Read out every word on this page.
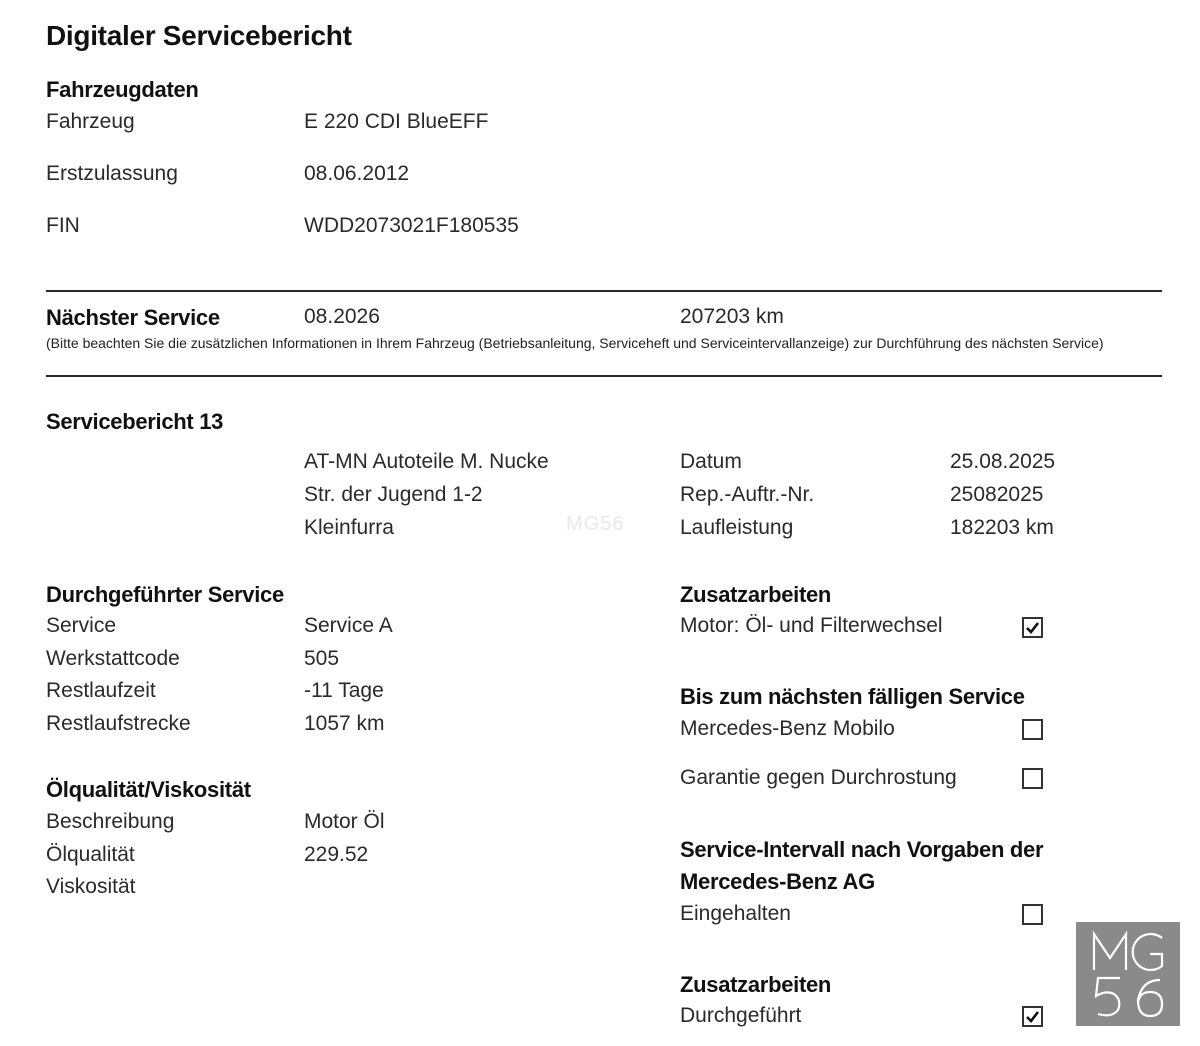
Digitaler Servicebericht
Fahrzeugdaten
Fahrzeug	E 220 CDI BlueEFF
Erstzulassung	08.06.2012
FIN	WDD2073021F180535
Nächster Service	08.2026	207203 km
(Bitte beachten Sie die zusätzlichen Informationen in Ihrem Fahrzeug (Betriebsanleitung, Serviceheft und Serviceintervallanzeige) zur Durchführung des nächsten Service)
Servicebericht 13
AT-MN Autoteile M. Nucke
Str. der Jugend 1-2
Kleinfurra	MG56
Datum	25.08.2025
Rep.-Auftr.-Nr.	25082025
Laufleistung	182203 km
Durchgeführter Service
Service	Service A
Werkstattcode	505
Restlaufzeit	-11 Tage
Restlaufstrecke	1057 km
Ölqualität/Viskosität
Beschreibung	Motor Öl
Ölqualität	229.52
Viskosität
Zusatzarbeiten
Motor: Öl- und Filterwechsel
Bis zum nächsten fälligen Service
Mercedes-Benz Mobilo
Garantie gegen Durchrostung
Service-Intervall nach Vorgaben der
Mercedes-Benz AG
Eingehalten
Zusatzarbeiten
Durchgeführt
